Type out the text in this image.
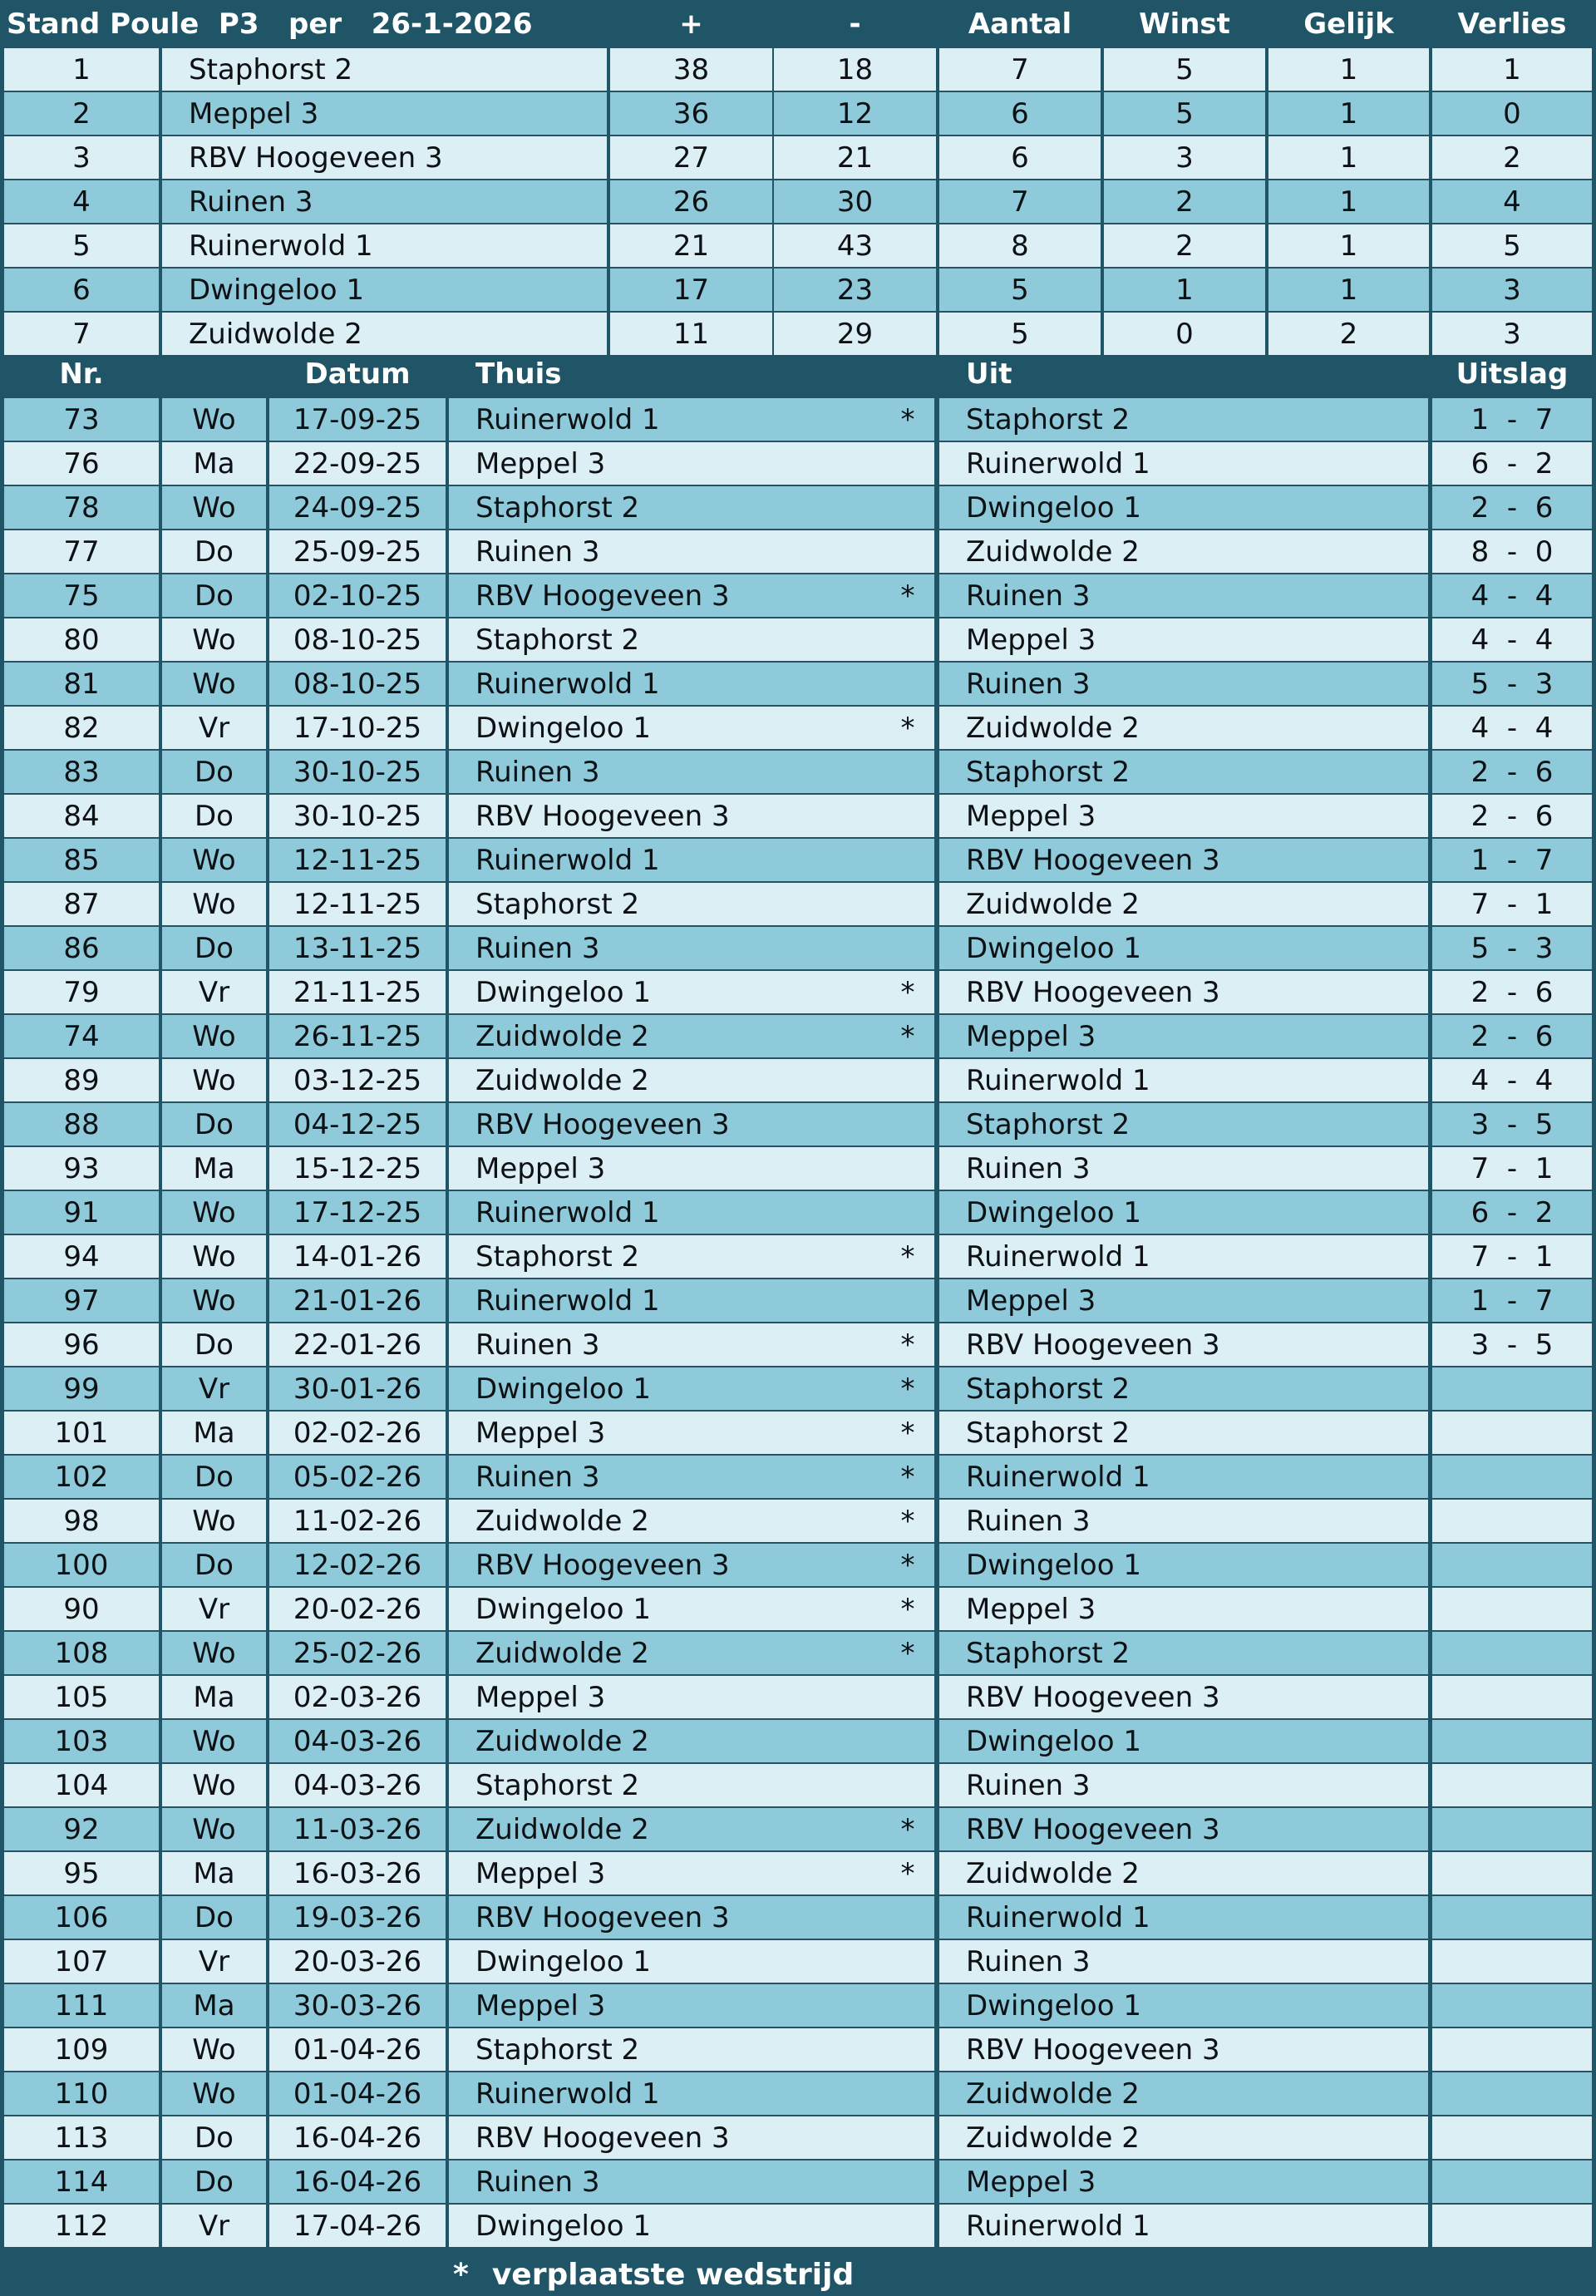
Stand Poule  P3   per   26-1-2026	+	-	Aantal	Winst	Gelijk	Verlies
1	Staphorst 2	38	18	7	5	1	1
2	Meppel 3	36	12	6	5	1	0
3	RBV Hoogeveen 3	27	21	6	3	1	2
4	Ruinen 3	26	30	7	2	1	4
5	Ruinerwold 1	21	43	8	2	1	5
6	Dwingeloo 1	17	23	5	1	1	3
7	Zuidwolde 2	11	29	5	0	2	3
Nr.	Datum	Thuis	Uit	Uitslag
73	Wo	17-09-25	Ruinerwold 1	*	Staphorst 2	1  -  7
76	Ma	22-09-25	Meppel 3	Ruinerwold 1	6  -  2
78	Wo	24-09-25	Staphorst 2	Dwingeloo 1	2  -  6
77	Do	25-09-25	Ruinen 3	Zuidwolde 2	8  -  0
75	Do	02-10-25	RBV Hoogeveen 3	*	Ruinen 3	4  -  4
80	Wo	08-10-25	Staphorst 2	Meppel 3	4  -  4
81	Wo	08-10-25	Ruinerwold 1	Ruinen 3	5  -  3
82	Vr	17-10-25	Dwingeloo 1	*	Zuidwolde 2	4  -  4
83	Do	30-10-25	Ruinen 3	Staphorst 2	2  -  6
84	Do	30-10-25	RBV Hoogeveen 3	Meppel 3	2  -  6
85	Wo	12-11-25	Ruinerwold 1	RBV Hoogeveen 3	1  -  7
87	Wo	12-11-25	Staphorst 2	Zuidwolde 2	7  -  1
86	Do	13-11-25	Ruinen 3	Dwingeloo 1	5  -  3
79	Vr	21-11-25	Dwingeloo 1	*	RBV Hoogeveen 3	2  -  6
74	Wo	26-11-25	Zuidwolde 2	*	Meppel 3	2  -  6
89	Wo	03-12-25	Zuidwolde 2	Ruinerwold 1	4  -  4
88	Do	04-12-25	RBV Hoogeveen 3	Staphorst 2	3  -  5
93	Ma	15-12-25	Meppel 3	Ruinen 3	7  -  1
91	Wo	17-12-25	Ruinerwold 1	Dwingeloo 1	6  -  2
94	Wo	14-01-26	Staphorst 2	*	Ruinerwold 1	7  -  1
97	Wo	21-01-26	Ruinerwold 1	Meppel 3	1  -  7
96	Do	22-01-26	Ruinen 3	*	RBV Hoogeveen 3	3  -  5
99	Vr	30-01-26	Dwingeloo 1	*	Staphorst 2
101	Ma	02-02-26	Meppel 3	*	Staphorst 2
102	Do	05-02-26	Ruinen 3	*	Ruinerwold 1
98	Wo	11-02-26	Zuidwolde 2	*	Ruinen 3
100	Do	12-02-26	RBV Hoogeveen 3	*	Dwingeloo 1
90	Vr	20-02-26	Dwingeloo 1	*	Meppel 3
108	Wo	25-02-26	Zuidwolde 2	*	Staphorst 2
105	Ma	02-03-26	Meppel 3	RBV Hoogeveen 3
103	Wo	04-03-26	Zuidwolde 2	Dwingeloo 1
104	Wo	04-03-26	Staphorst 2	Ruinen 3
92	Wo	11-03-26	Zuidwolde 2	*	RBV Hoogeveen 3
95	Ma	16-03-26	Meppel 3	*	Zuidwolde 2
106	Do	19-03-26	RBV Hoogeveen 3	Ruinerwold 1
107	Vr	20-03-26	Dwingeloo 1	Ruinen 3
111	Ma	30-03-26	Meppel 3	Dwingeloo 1
109	Wo	01-04-26	Staphorst 2	RBV Hoogeveen 3
110	Wo	01-04-26	Ruinerwold 1	Zuidwolde 2
113	Do	16-04-26	RBV Hoogeveen 3	Zuidwolde 2
114	Do	16-04-26	Ruinen 3	Meppel 3
112	Vr	17-04-26	Dwingeloo 1	Ruinerwold 1
* verplaatste wedstrijd
